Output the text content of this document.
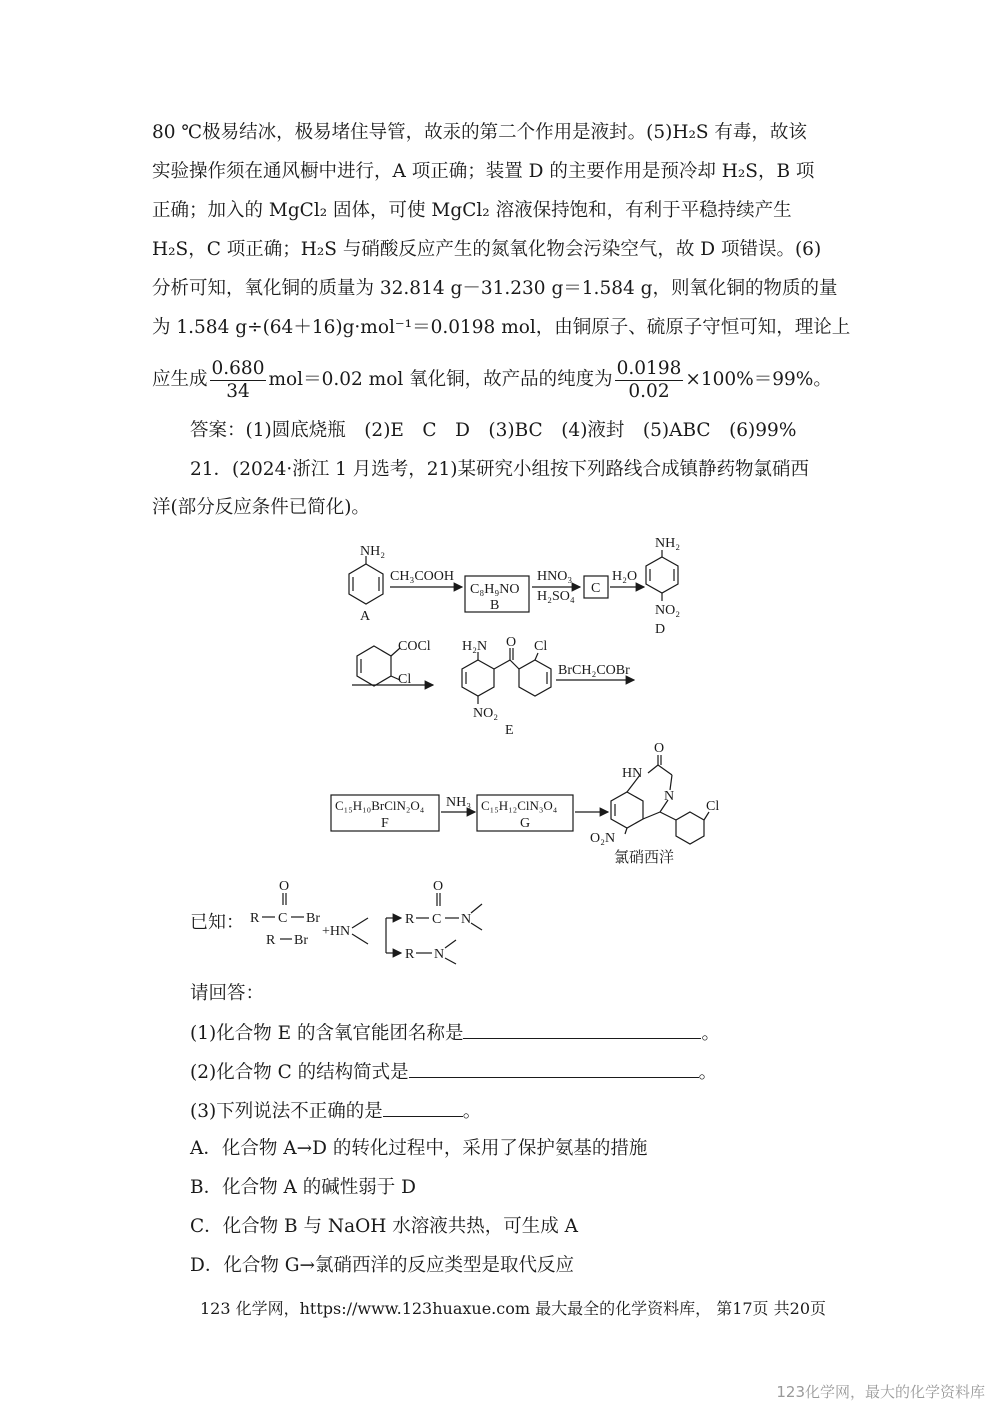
80 ℃极易结冰，极易堵住导管，故汞的第二个作用是液封。(5)H₂S 有毒，故该
实验操作须在通风橱中进行，A 项正确；装置 D 的主要作用是预冷却 H₂S，B 项
正确；加入的 MgCl₂ 固体，可使 MgCl₂ 溶液保持饱和，有利于平稳持续产生
H₂S，C 项正确；H₂S 与硝酸反应产生的氮氧化物会污染空气，故 D 项错误。(6)
分析可知，氧化铜的质量为 32.814 g－31.230 g＝1.584 g，则氧化铜的物质的量
为 1.584 g÷(64＋16)g·mol⁻¹＝0.0198 mol，由铜原子、硫原子守恒可知，理论上
应生成 $\frac{0.680}{34} mol=0.02$ mol 氧化铜，故产品的纯度为 $\frac{0.0198}{0.02} \times 100\%=99\%$。
答案：(1)圆底烧瓶　(2)E　C　D　(3)BC　(4)液封　(5)ABC　(6)99%
21．(2024·浙江 1 月选考，21)某研究小组按下列路线合成镇静药物氯硝西
洋(部分反应条件已简化)。
NH₂
A
CH₃COOH
C₈H₉NO
B
HNO₃
H₂SO₄
C
H₂O
NH₂
NO₂
D
COCl
Cl
H₂N O Cl
NO₂
E
BrCH₂COBr
C₁₅H₁₀BrClN₂O₄
F
NH₃ C₁₅H₁₂ClN₃O₄
G
O
HN
N
Cl
O₂N
氯硝西洋
已知： R C Br
O
R Br
+HN
R C N
O
R N
请回答：
(1)化合物 E 的含氧官能团名称是	。
(2)化合物 C 的结构简式是	。
(3)下列说法不正确的是	。
A．化合物 A→D 的转化过程中，采用了保护氨基的措施
B．化合物 A 的碱性弱于 D
C．化合物 B 与 NaOH 水溶液共热，可生成 A
D．化合物 G→氯硝西洋的反应类型是取代反应
123 化学网，https://www.123huaxue.com 最大最全的化学资料库， 第17页 共20页
123化学网，最大的化学资料库
